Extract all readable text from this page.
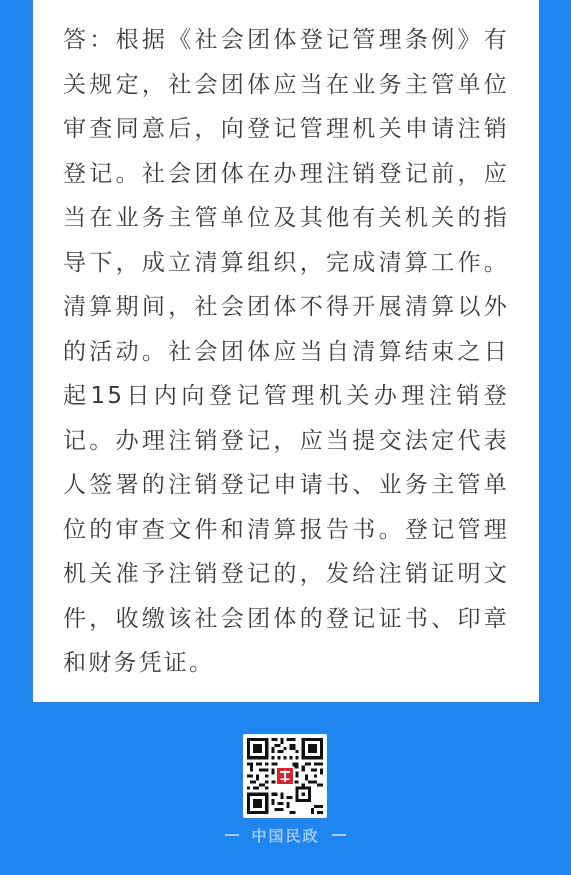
答：根据《社会团体登记管理条例》有关规定，社会团体应当在业务主管单位审查同意后，向登记管理机关申请注销登记。社会团体在办理注销登记前，应当在业务主管单位及其他有关机关的指导下，成立清算组织，完成清算工作。清算期间，社会团体不得开展清算以外的活动。社会团体应当自清算结束之日起15日内向登记管理机关办理注销登记。办理注销登记，应当提交法定代表人签署的注销登记申请书、业务主管单位的审查文件和清算报告书。登记管理机关准予注销登记的，发给注销证明文件，收缴该社会团体的登记证书、印章和财务凭证。

中国民政
